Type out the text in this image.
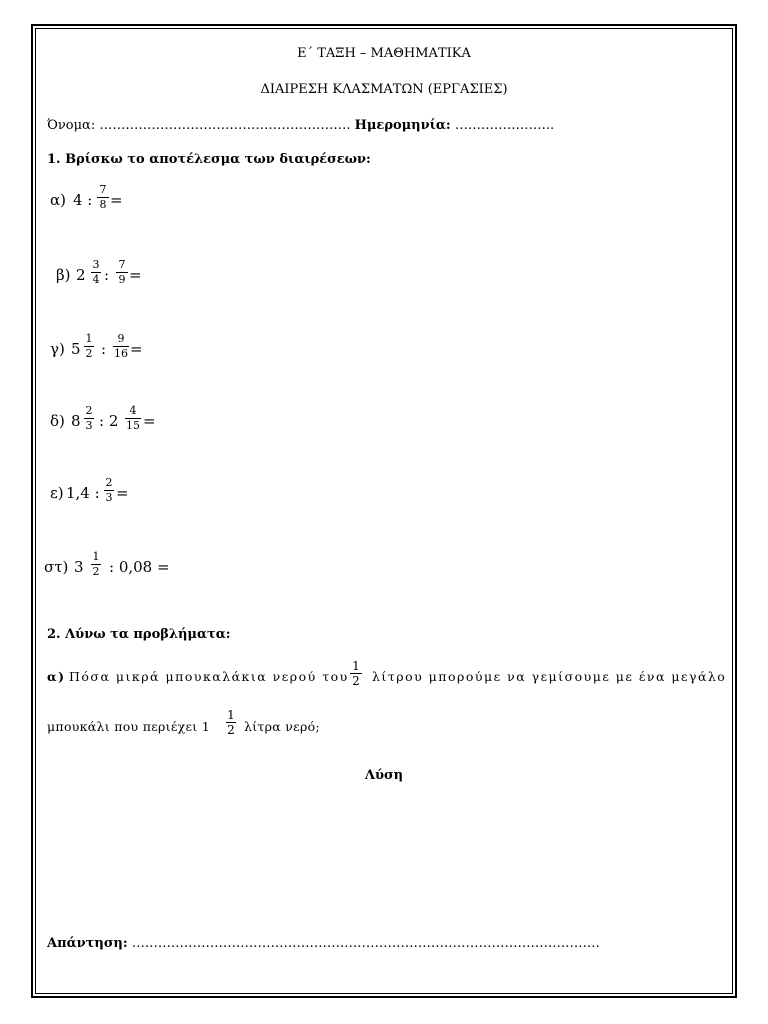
Ε΄ ΤΑΞΗ – ΜΑΘΗΜΑΤΙΚΑ
ΔΙΑΙΡΕΣΗ ΚΛΑΣΜΑΤΩΝ (ΕΡΓΑΣΙΕΣ)
Όνομα: …………………………………………………. Ημερομηνία: …………………..
1. Βρίσκω το αποτέλεσμα των διαιρέσεων:
α) 4 :
7
8 =
β) 2
3
4 :
7
9 =
γ) 5
1
2 :
9
16 =
δ) 8
2
3 : 2
4
15 =
ε) 1,4 :
2
3 =
στ) 3
1
2 : 0,08 =
2. Λύνω τα προβλήματα:
α) Πόσα μικρά μπουκαλάκια νερού του
1
2 λίτρου μπορούμε να γεμίσουμε με ένα μεγάλο
μπουκάλι που περιέχει 1
1
2 λίτρα νερό;
Λύση
Απάντηση: ………………………………………………………………………………………………
